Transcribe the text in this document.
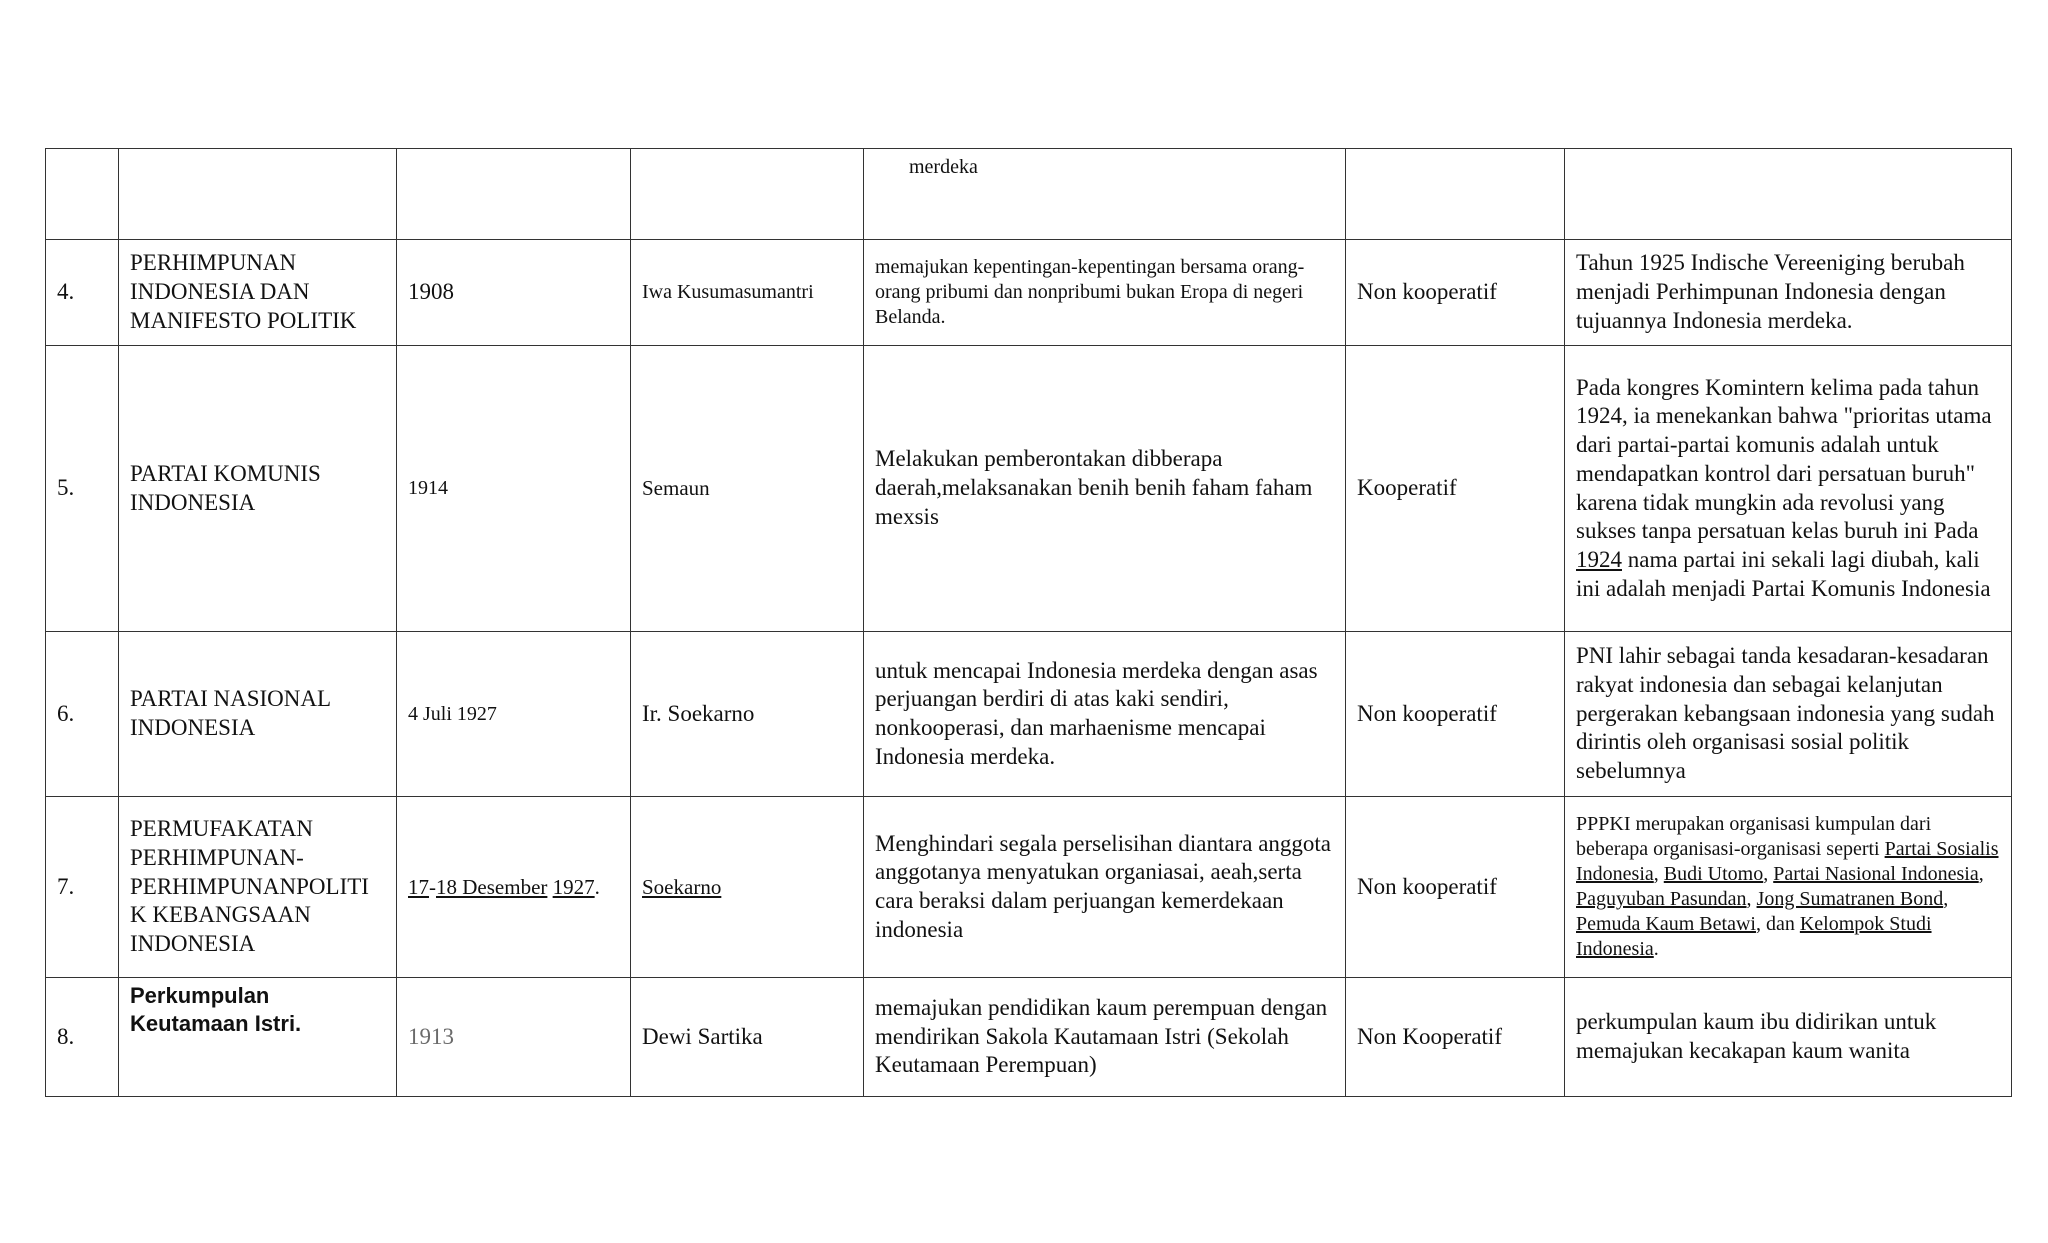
				merdeka		

4.	PERHIMPUNAN INDONESIA DAN MANIFESTO POLITIK	1908	Iwa Kusumasumantri	memajukan kepentingan-kepentingan bersama orang-orang pribumi dan nonpribumi bukan Eropa di negeri Belanda.	Non kooperatif	Tahun 1925 Indische Vereeniging berubah menjadi Perhimpunan Indonesia dengan tujuannya Indonesia merdeka.
5.	PARTAI KOMUNIS INDONESIA	1914	Semaun	Melakukan pemberontakan dibberapa daerah,melaksanakan benih benih faham faham mexsis	Kooperatif	Pada kongres Komintern kelima pada tahun 1924, ia menekankan bahwa "prioritas utama dari partai-partai komunis adalah untuk mendapatkan kontrol dari persatuan buruh" karena tidak mungkin ada revolusi yang sukses tanpa persatuan kelas buruh ini Pada 1924 nama partai ini sekali lagi diubah, kali ini adalah menjadi Partai Komunis Indonesia
6.	PARTAI NASIONAL INDONESIA	4 Juli 1927	Ir. Soekarno	untuk mencapai Indonesia merdeka dengan asas perjuangan berdiri di atas kaki sendiri, nonkooperasi, dan marhaenisme mencapai Indonesia merdeka.	Non kooperatif	PNI lahir sebagai tanda kesadaran-kesadaran rakyat indonesia dan sebagai kelanjutan pergerakan kebangsaan indonesia yang sudah dirintis oleh organisasi sosial politik sebelumnya
7.	PERMUFAKATAN PERHIMPUNAN-PERHIMPUNANPOLITIK KEBANGSAAN INDONESIA	17-18 Desember 1927.	Soekarno	Menghindari segala perselisihan diantara anggota anggotanya menyatukan organiasai, aeah,serta cara beraksi dalam perjuangan kemerdekaan indonesia	Non kooperatif	PPPKI merupakan organisasi kumpulan dari beberapa organisasi-organisasi seperti Partai Sosialis Indonesia, Budi Utomo, Partai Nasional Indonesia, Paguyuban Pasundan, Jong Sumatranen Bond, Pemuda Kaum Betawi, dan Kelompok Studi Indonesia.
8.	Perkumpulan Keutamaan Istri.	1913	Dewi Sartika	memajukan pendidikan kaum perempuan dengan mendirikan Sakola Kautamaan Istri (Sekolah Keutamaan Perempuan)	Non Kooperatif	perkumpulan kaum ibu didirikan untuk memajukan kecakapan kaum wanita
